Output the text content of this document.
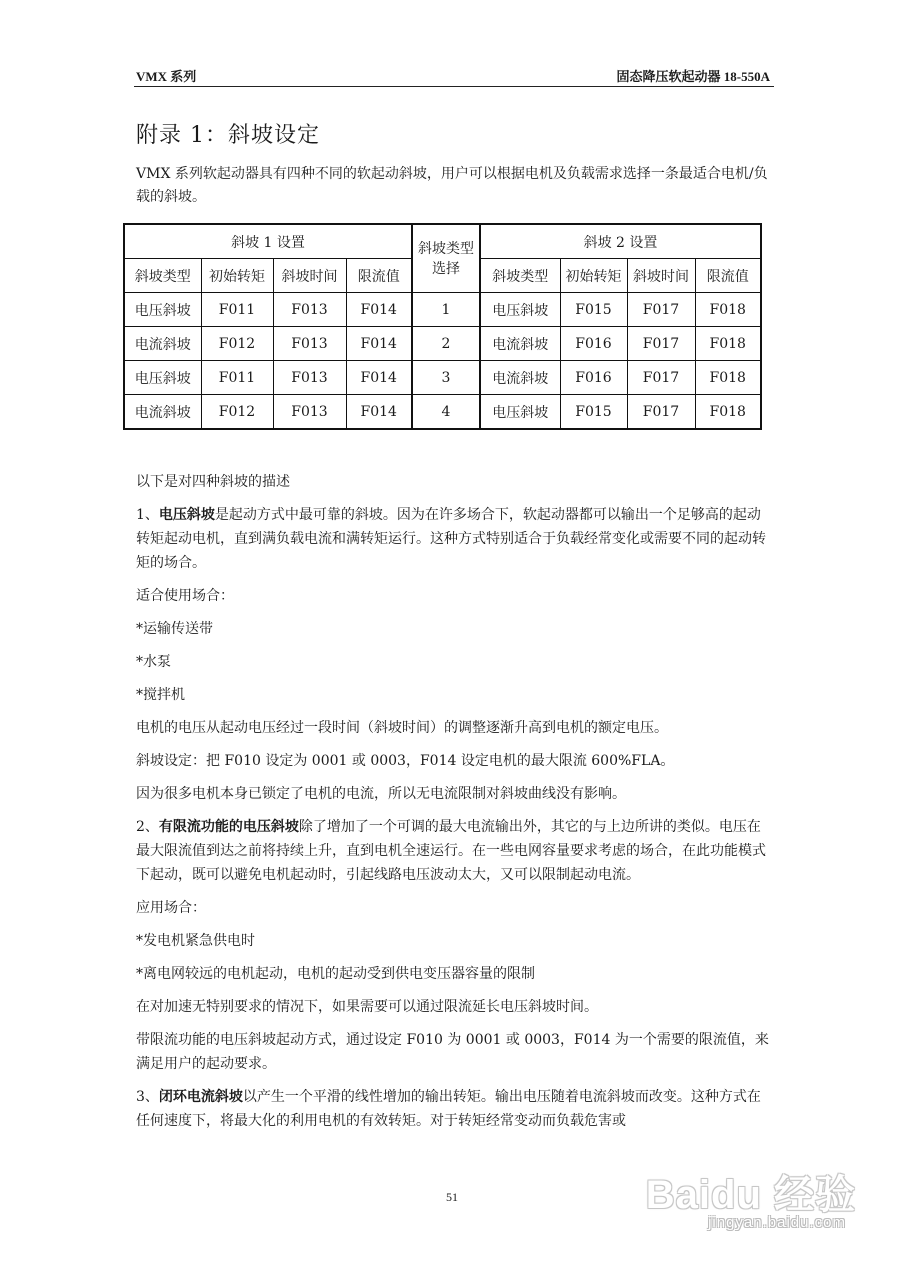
VMX 系列	固态降压软起动器 18-550A
附录 1：斜坡设定
VMX 系列软起动器具有四种不同的软起动斜坡，用户可以根据电机及负载需求选择一条最适合电机/负载的斜坡。
斜坡 1 设置				斜坡类型选择	斜坡 2 设置			
斜坡类型	初始转矩	斜坡时间	限流值		斜坡类型	初始转矩	斜坡时间	限流值
电压斜坡	F011	F013	F014	1	电压斜坡	F015	F017	F018
电流斜坡	F012	F013	F014	2	电流斜坡	F016	F017	F018
电压斜坡	F011	F013	F014	3	电流斜坡	F016	F017	F018
电流斜坡	F012	F013	F014	4	电压斜坡	F015	F017	F018

以下是对四种斜坡的描述

1、电压斜坡是起动方式中最可靠的斜坡。因为在许多场合下，软起动器都可以输出一个足够高的起动转矩起动电机，直到满负载电流和满转矩运行。这种方式特别适合于负载经常变化或需要不同的起动转矩的场合。

适合使用场合：

*运输传送带

*水泵

*搅拌机

电机的电压从起动电压经过一段时间（斜坡时间）的调整逐渐升高到电机的额定电压。

斜坡设定：把 F010 设定为 0001 或 0003，F014 设定电机的最大限流 600%FLA。

因为很多电机本身已锁定了电机的电流，所以无电流限制对斜坡曲线没有影响。

2、有限流功能的电压斜坡除了增加了一个可调的最大电流输出外，其它的与上边所讲的类似。电压在最大限流值到达之前将持续上升，直到电机全速运行。在一些电网容量要求考虑的场合，在此功能模式下起动，既可以避免电机起动时，引起线路电压波动太大，又可以限制起动电流。

应用场合：

*发电机紧急供电时

*离电网较远的电机起动，电机的起动受到供电变压器容量的限制

在对加速无特别要求的情况下，如果需要可以通过限流延长电压斜坡时间。

带限流功能的电压斜坡起动方式，通过设定 F010 为 0001 或 0003，F014 为一个需要的限流值，来满足用户的起动要求。

3、闭环电流斜坡以产生一个平滑的线性增加的输出转矩。输出电压随着电流斜坡而改变。这种方式在任何速度下，将最大化的利用电机的有效转矩。对于转矩经常变动而负载危害或

51	Baidu 经验
jingyan.baidu.com
